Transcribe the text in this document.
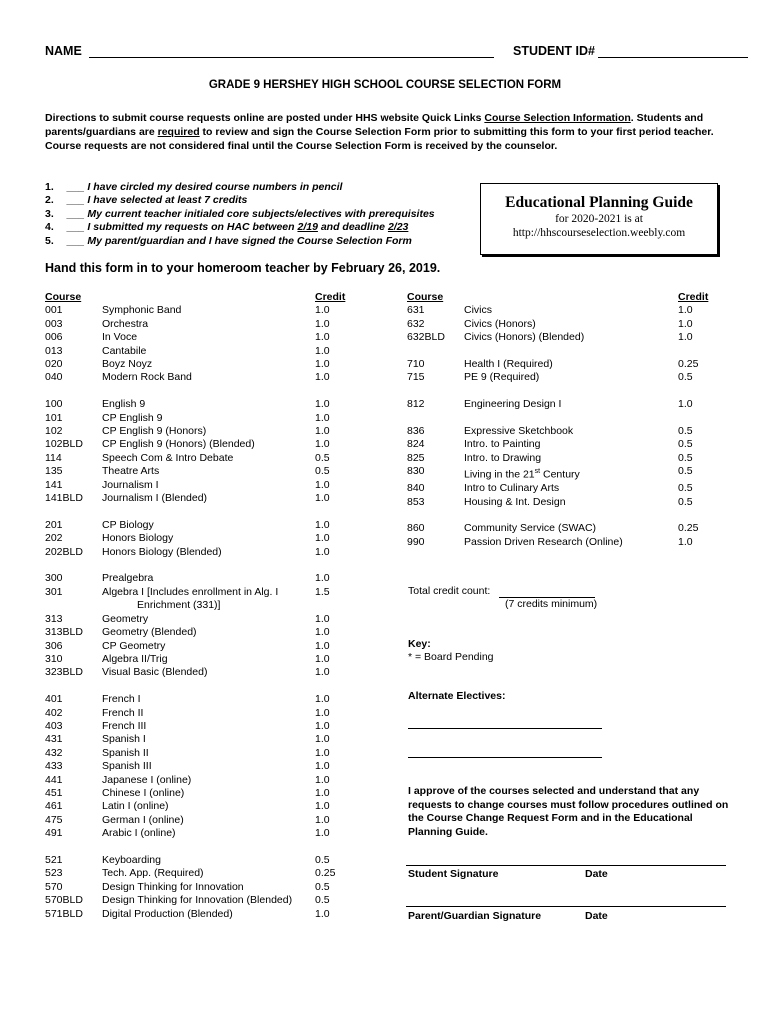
NAME	STUDENT ID#
GRADE 9 HERSHEY HIGH SCHOOL COURSE SELECTION FORM
Directions to submit course requests online are posted under HHS website Quick Links Course Selection Information. Students and parents/guardians are required to review and sign the Course Selection Form prior to submitting this form to your first period teacher. Course requests are not considered final until the Course Selection Form is received by the counselor.
1. ___ I have circled my desired course numbers in pencil
2. ___ I have selected at least 7 credits
3. ___ My current teacher initialed core subjects/electives with prerequisites
4. ___ I submitted my requests on HAC between 2/19 and deadline 2/23
5. ___ My parent/guardian and I have signed the Course Selection Form
Educational Planning Guide
for 2020-2021 is at
http://hhscourseselection.weebly.com
Hand this form in to your homeroom teacher by February 26, 2019.
Course		Credit
001	Symphonic Band	1.0
003	Orchestra	1.0
006	In Voce	1.0
013	Cantabile	1.0
020	Boyz Noyz	1.0
040	Modern Rock Band	1.0

100	English 9	1.0
101	CP English 9	1.0
102	CP English 9 (Honors)	1.0
102BLD	CP English 9 (Honors) (Blended)	1.0
114	Speech Com & Intro Debate	0.5
135	Theatre Arts	0.5
141	Journalism I	1.0
141BLD	Journalism I (Blended)	1.0

201	CP Biology	1.0
202	Honors Biology	1.0
202BLD	Honors Biology (Blended)	1.0

300	Prealgebra	1.0
301	Algebra I [Includes enrollment in Alg. I	1.5
	Enrichment (331)]	
313	Geometry	1.0
313BLD	Geometry (Blended)	1.0
306	CP Geometry	1.0
310	Algebra II/Trig	1.0
323BLD	Visual Basic (Blended)	1.0

401	French I	1.0
402	French II	1.0
403	French III	1.0
431	Spanish I	1.0
432	Spanish II	1.0
433	Spanish III	1.0
441	Japanese I (online)	1.0
451	Chinese I (online)	1.0
461	Latin I (online)	1.0
475	German I (online)	1.0
491	Arabic I (online)	1.0

521	Keyboarding	0.5
523	Tech. App. (Required)	0.25
570	Design Thinking for Innovation	0.5
570BLD	Design Thinking for Innovation (Blended)	0.5
571BLD	Digital Production (Blended)	1.0
Course		Credit
631	Civics	1.0
632	Civics (Honors)	1.0
632BLD	Civics (Honors) (Blended)	1.0

710	Health I (Required)	0.25
715	PE 9 (Required)	0.5

812	Engineering Design I	1.0

836	Expressive Sketchbook	0.5
824	Intro. to Painting	0.5
825	Intro. to Drawing	0.5
830	Living in the 21st Century	0.5
840	Intro to Culinary Arts	0.5
853	Housing & Int. Design	0.5

860	Community Service (SWAC)	0.25
990	Passion Driven Research (Online)	1.0
Total credit count:
(7 credits minimum)
Key:
* = Board Pending
Alternate Electives:
I approve of the courses selected and understand that any requests to change courses must follow procedures outlined on the Course Change Request Form and in the Educational Planning Guide.
Student Signature	Date
Parent/Guardian Signature	Date
